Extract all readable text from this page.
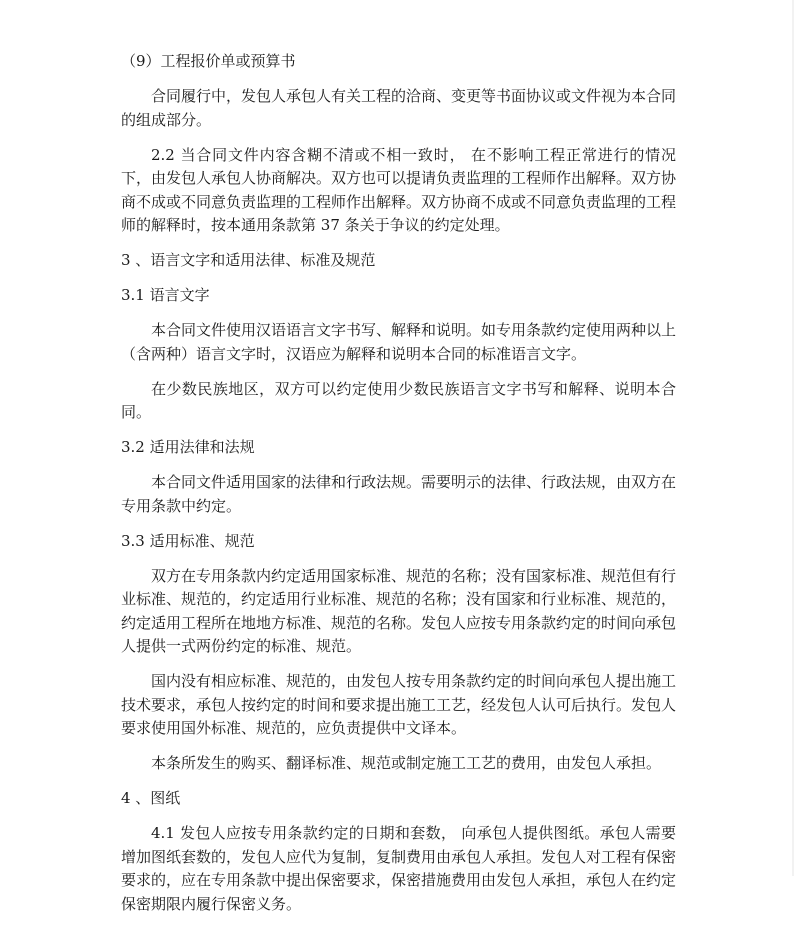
（9）工程报价单或预算书

合同履行中，发包人承包人有关工程的洽商、变更等书面协议或文件视为本合同的组成部分。

2.2 当合同文件内容含糊不清或不相一致时， 在不影响工程正常进行的情况下，由发包人承包人协商解决。双方也可以提请负责监理的工程师作出解释。双方协商不成或不同意负责监理的工程师作出解释。双方协商不成或不同意负责监理的工程师的解释时，按本通用条款第 37 条关于争议的约定处理。

3 、语言文字和适用法律、标准及规范

3.1 语言文字

本合同文件使用汉语语言文字书写、解释和说明。如专用条款约定使用两种以上（含两种）语言文字时，汉语应为解释和说明本合同的标准语言文字。

在少数民族地区，双方可以约定使用少数民族语言文字书写和解释、说明本合同。

3.2 适用法律和法规

本合同文件适用国家的法律和行政法规。需要明示的法律、行政法规，由双方在专用条款中约定。

3.3 适用标准、规范

双方在专用条款内约定适用国家标准、规范的名称；没有国家标准、规范但有行业标准、规范的，约定适用行业标准、规范的名称；没有国家和行业标准、规范的，约定适用工程所在地地方标准、规范的名称。发包人应按专用条款约定的时间向承包人提供一式两份约定的标准、规范。

国内没有相应标准、规范的，由发包人按专用条款约定的时间向承包人提出施工技术要求，承包人按约定的时间和要求提出施工工艺，经发包人认可后执行。发包人要求使用国外标准、规范的，应负责提供中文译本。

本条所发生的购买、翻译标准、规范或制定施工工艺的费用，由发包人承担。

4 、图纸

4.1 发包人应按专用条款约定的日期和套数， 向承包人提供图纸。承包人需要增加图纸套数的，发包人应代为复制，复制费用由承包人承担。发包人对工程有保密要求的，应在专用条款中提出保密要求，保密措施费用由发包人承担，承包人在约定保密期限内履行保密义务。
